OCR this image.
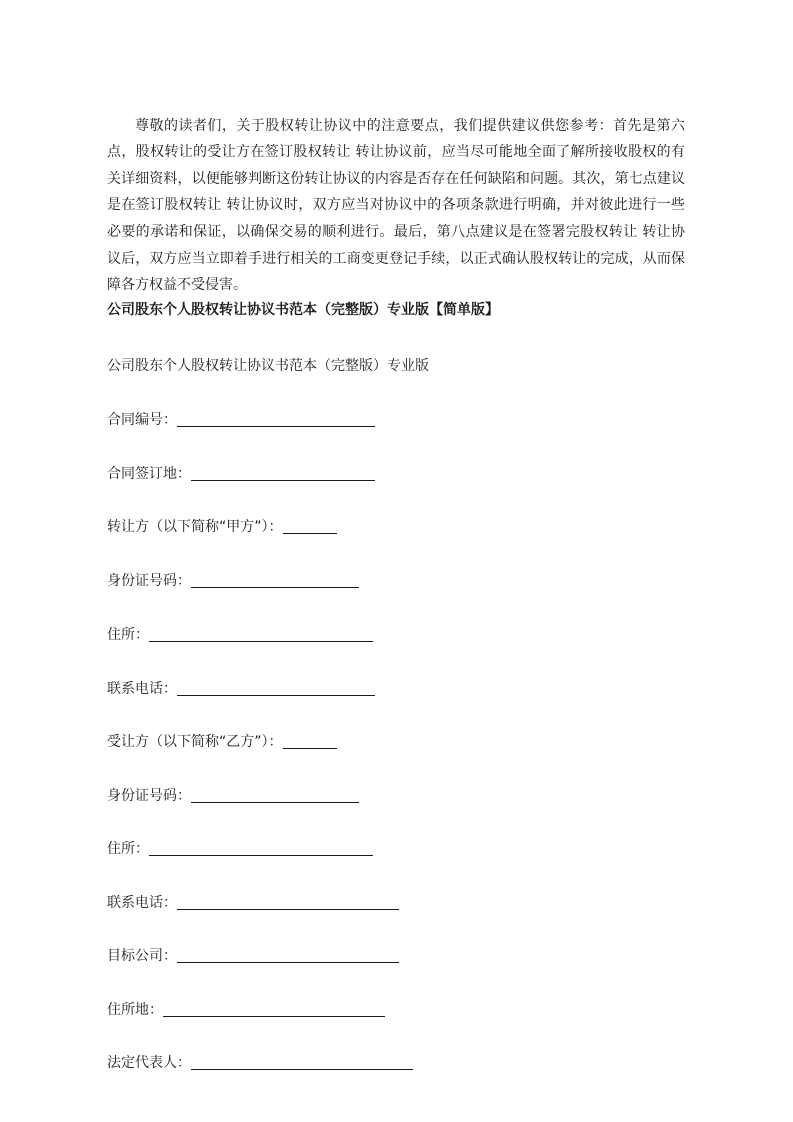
尊敬的读者们，关于股权转让协议中的注意要点，我们提供建议供您参考：首先是第六点，股权转让的受让方在签订股权转让 转让协议前，应当尽可能地全面了解所接收股权的有关详细资料，以便能够判断这份转让协议的内容是否存在任何缺陷和问题。其次，第七点建议是在签订股权转让 转让协议时，双方应当对协议中的各项条款进行明确，并对彼此进行一些必要的承诺和保证，以确保交易的顺利进行。最后，第八点建议是在签署完股权转让 转让协议后，双方应当立即着手进行相关的工商变更登记手续，以正式确认股权转让的完成，从而保障各方权益不受侵害。

公司股东个人股权转让协议书范本（完整版）专业版【简单版】

公司股东个人股权转让协议书范本（完整版）专业版

合同编号：
合同签订地：
转让方（以下简称“甲方”）：
身份证号码：
住所：
联系电话：
受让方（以下简称“乙方”）：
身份证号码：
住所：
联系电话：
目标公司：
住所地：
法定代表人：
